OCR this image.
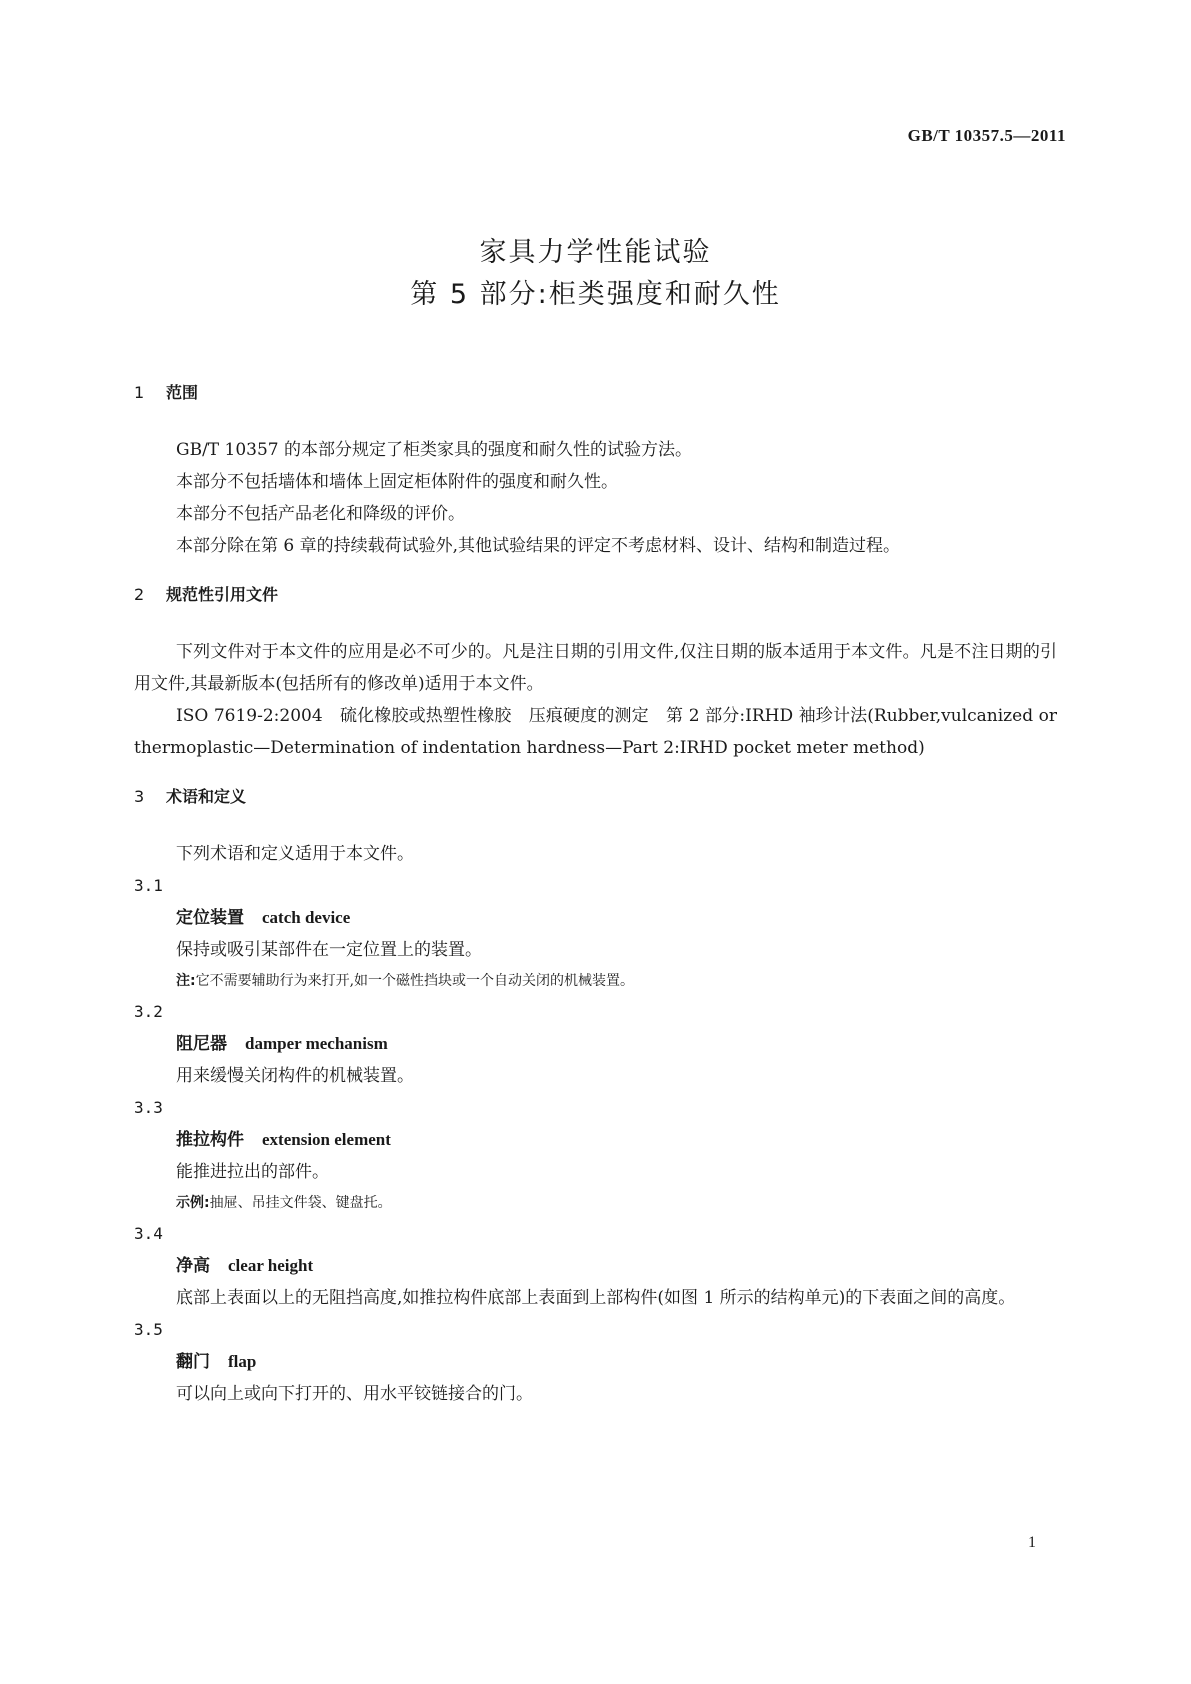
GB/T 10357.5—2011
家具力学性能试验
第 5 部分:柜类强度和耐久性
1 范围

GB/T 10357 的本部分规定了柜类家具的强度和耐久性的试验方法。

本部分不包括墙体和墙体上固定柜体附件的强度和耐久性。

本部分不包括产品老化和降级的评价。

本部分除在第 6 章的持续载荷试验外,其他试验结果的评定不考虑材料、设计、结构和制造过程。

2 规范性引用文件

下列文件对于本文件的应用是必不可少的。凡是注日期的引用文件,仅注日期的版本适用于本文件。凡是不注日期的引用文件,其最新版本(包括所有的修改单)适用于本文件。

ISO 7619-2:2004　硫化橡胶或热塑性橡胶　压痕硬度的测定　第 2 部分:IRHD 袖珍计法(Rubber,vulcanized or thermoplastic—Determination of indentation hardness—Part 2:IRHD pocket meter method)

3 术语和定义

下列术语和定义适用于本文件。

3.1
定位装置 catch device

保持或吸引某部件在一定位置上的装置。

注:它不需要辅助行为来打开,如一个磁性挡块或一个自动关闭的机械装置。
3.2
阻尼器 damper mechanism

用来缓慢关闭构件的机械装置。

3.3
推拉构件 extension element

能推进拉出的部件。

示例:抽屉、吊挂文件袋、键盘托。
3.4
净高 clear height

底部上表面以上的无阻挡高度,如推拉构件底部上表面到上部构件(如图 1 所示的结构单元)的下表面之间的高度。

3.5
翻门 flap

可以向上或向下打开的、用水平铰链接合的门。

1
